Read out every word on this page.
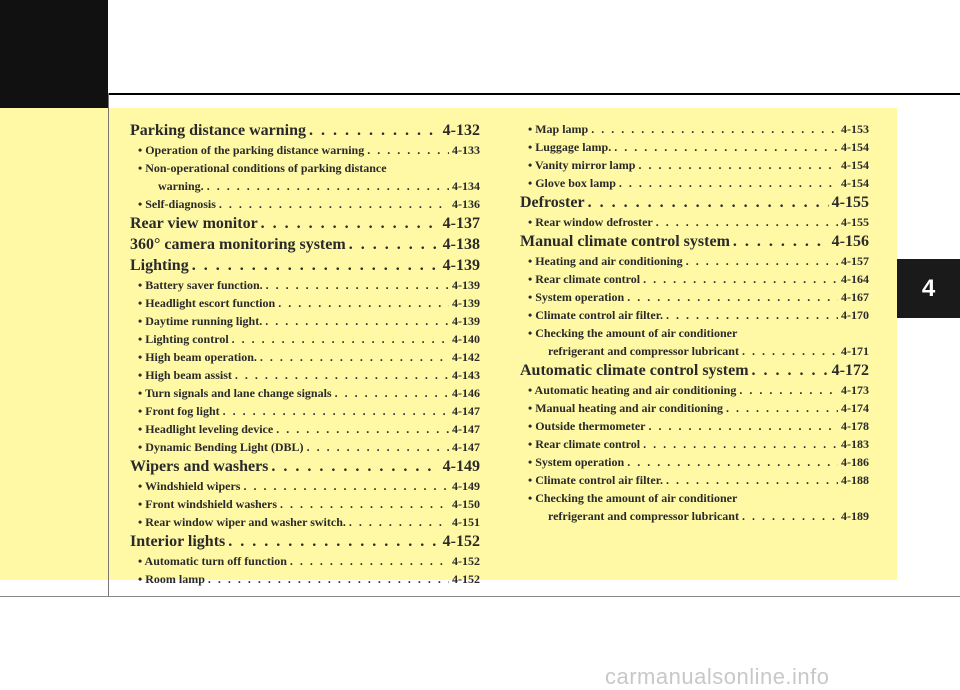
4
Parking distance warning . . .	4-132
• Operation of the parking distance warning . . .	4-133
• Non-operational conditions of parking distance
warning. . . .	4-134
• Self-diagnosis . . .	4-136
Rear view monitor . . .	4-137
360° camera monitoring system . . .	4-138
Lighting . . .	4-139
• Battery saver function. . . .	4-139
• Headlight escort function . . .	4-139
• Daytime running light. . . .	4-139
• Lighting control . . .	4-140
• High beam operation. . . .	4-142
• High beam assist . . .	4-143
• Turn signals and lane change signals . . .	4-146
• Front fog light . . .	4-147
• Headlight leveling device . . .	4-147
• Dynamic Bending Light (DBL) . . .	4-147
Wipers and washers . . .	4-149
• Windshield wipers . . .	4-149
• Front windshield washers . . .	4-150
• Rear window wiper and washer switch. . . .	4-151
Interior lights . . .	4-152
• Automatic turn off function . . .	4-152
• Room lamp . . .	4-152
• Map lamp . . .	4-153
• Luggage lamp. . . .	4-154
• Vanity mirror lamp . . .	4-154
• Glove box lamp . . .	4-154
Defroster . . .	4-155
• Rear window defroster . . .	4-155
Manual climate control system . . .	4-156
• Heating and air conditioning . . .	4-157
• Rear climate control . . .	4-164
• System operation . . .	4-167
• Climate control air filter. . . .	4-170
• Checking the amount of air conditioner
refrigerant and compressor lubricant . . .	4-171
Automatic climate control system . . .	4-172
• Automatic heating and air conditioning . . .	4-173
• Manual heating and air conditioning . . .	4-174
• Outside thermometer . . .	4-178
• Rear climate control . . .	4-183
• System operation . . .	4-186
• Climate control air filter. . . .	4-188
• Checking the amount of air conditioner
refrigerant and compressor lubricant . . .	4-189
carmanualsonline.info
